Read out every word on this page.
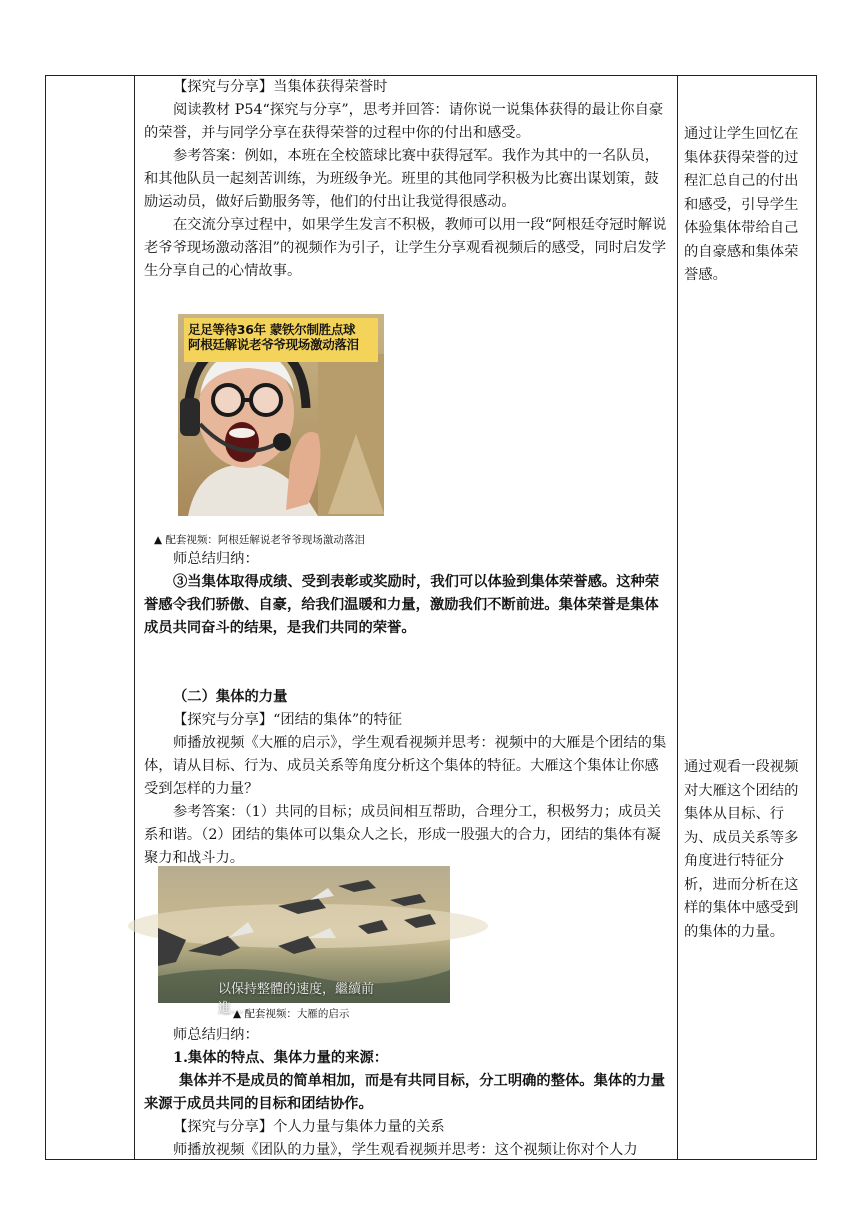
【探究与分享】当集体获得荣誉时

阅读教材 P54“探究与分享”，思考并回答：请你说一说集体获得的最让你自豪的荣誉，并与同学分享在获得荣誉的过程中你的付出和感受。

参考答案：例如，本班在全校篮球比赛中获得冠军。我作为其中的一名队员，和其他队员一起刻苦训练，为班级争光。班里的其他同学积极为比赛出谋划策，鼓励运动员，做好后勤服务等，他们的付出让我觉得很感动。

在交流分享过程中，如果学生发言不积极，教师可以用一段“阿根廷夺冠时解说老爷爷现场激动落泪”的视频作为引子，让学生分享观看视频后的感受，同时启发学生分享自己的心情故事。

足足等待36年 蒙铁尔制胜点球
阿根廷解说老爷爷现场激动落泪
▲ 配套视频：阿根廷解说老爷爷现场激动落泪

师总结归纳：

③当集体取得成绩、受到表彰或奖励时，我们可以体验到集体荣誉感。这种荣誉感令我们骄傲、自豪，给我们温暖和力量，激励我们不断前进。集体荣誉是集体成员共同奋斗的结果，是我们共同的荣誉。

（二）集体的力量

【探究与分享】“团结的集体”的特征

师播放视频《大雁的启示》，学生观看视频并思考：视频中的大雁是个团结的集体，请从目标、行为、成员关系等角度分析这个集体的特征。大雁这个集体让你感受到怎样的力量？

参考答案：（1）共同的目标；成员间相互帮助，合理分工，积极努力；成员关系和谐。（2）团结的集体可以集众人之长，形成一股强大的合力，团结的集体有凝聚力和战斗力。

以保持整體的速度，繼續前進...
▲ 配套视频：大雁的启示

师总结归纳：

1.集体的特点、集体力量的来源：

集体并不是成员的简单相加，而是有共同目标，分工明确的整体。集体的力量来源于成员共同的目标和团结协作。

【探究与分享】个人力量与集体力量的关系

师播放视频《团队的力量》，学生观看视频并思考：这个视频让你对个人力

通过让学生回忆在集体获得荣誉的过程汇总自己的付出和感受，引导学生体验集体带给自己的自豪感和集体荣誉感。
通过观看一段视频对大雁这个团结的集体从目标、行为、成员关系等多角度进行特征分析，进而分析在这样的集体中感受到的集体的力量。
